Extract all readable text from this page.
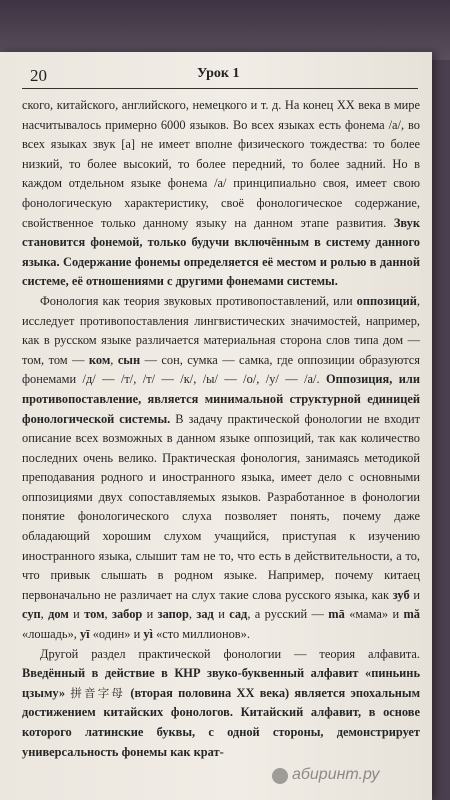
20	Урок 1

ского, китайского, английского, немецкого и т. д. На конец XX века в мире насчитывалось примерно 6000 языков. Во всех языках есть фонема /а/, во всех языках звук [а] не имеет вполне физического тождества: то более низкий, то более высокий, то более передний, то более задний. Но в каждом отдельном языке фонема /а/ принципиально своя, имеет свою фонологическую характеристику, своё фонологическое содержание, свойственное только данному языку на данном этапе развития. Звук становится фонемой, только будучи включённым в систему данного языка. Содержание фонемы определяется её местом и ролью в данной системе, её отношениями с другими фонемами системы.

Фонология как теория звуковых противопоставлений, или оппозиций, исследует противопоставления лингвистических значимостей, например, как в русском языке различается материальная сторона слов типа дом — том, том — ком, сын — сон, сумка — самка, где оппозиции образуются фонемами /д/ — /т/, /т/ — /к/, /ы/ — /о/, /у/ — /а/. Оппозиция, или противопоставление, является минимальной структурной единицей фонологической системы. В задачу практической фонологии не входит описание всех возможных в данном языке оппозиций, так как количество последних очень велико. Практическая фонология, занимаясь методикой преподавания родного и иностранного языка, имеет дело с основными оппозициями двух сопоставляемых языков. Разработанное в фонологии понятие фонологического слуха позволяет понять, почему даже обладающий хорошим слухом учащийся, приступая к изучению иностранного языка, слышит там не то, что есть в действительности, а то, что привык слышать в родном языке. Например, почему китаец первоначально не различает на слух такие слова русского языка, как зуб и суп, дом и том, забор и запор, зад и сад, а русский — mā «мама» и mă «лошадь», yī «один» и yì «сто миллионов».

Другой раздел практической фонологии — теория алфавита. Введённый в действие в КНР звуко-буквенный алфавит «пиньинь цзыму» 拼音字母 (вторая половина XX века) является эпохальным достижением китайских фонологов. Китайский алфавит, в основе которого латинские буквы, с одной стороны, демонстрирует универсальность фонемы как крат-

абиринт.ру
